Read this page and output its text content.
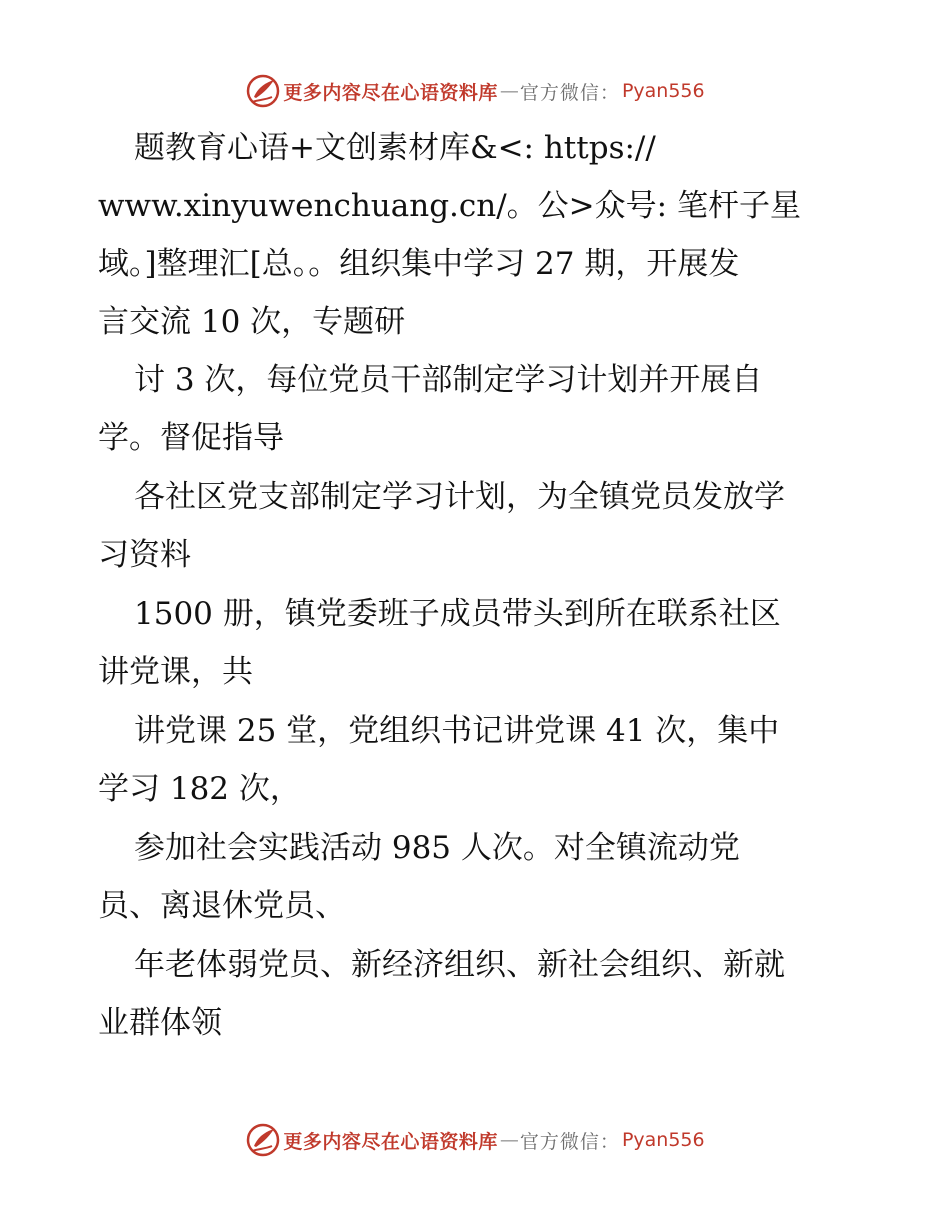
更多内容尽在心语资料库 — 官方微信： Pyan556
题教育心语+文创素材库&<: https://
www.xinyuwenchuang.cn/。公>众号: 笔杆子星
域。]整理汇[总。。组织集中学习 27 期，开展发
言交流 10 次，专题研
讨 3 次，每位党员干部制定学习计划并开展自
学。督促指导
各社区党支部制定学习计划，为全镇党员发放学
习资料
1500 册，镇党委班子成员带头到所在联系社区
讲党课，共
讲党课 25 堂，党组织书记讲党课 41 次，集中
学习 182 次，
参加社会实践活动 985 人次。对全镇流动党
员、离退休党员、
年老体弱党员、新经济组织、新社会组织、新就
业群体领
更多内容尽在心语资料库 — 官方微信： Pyan556
